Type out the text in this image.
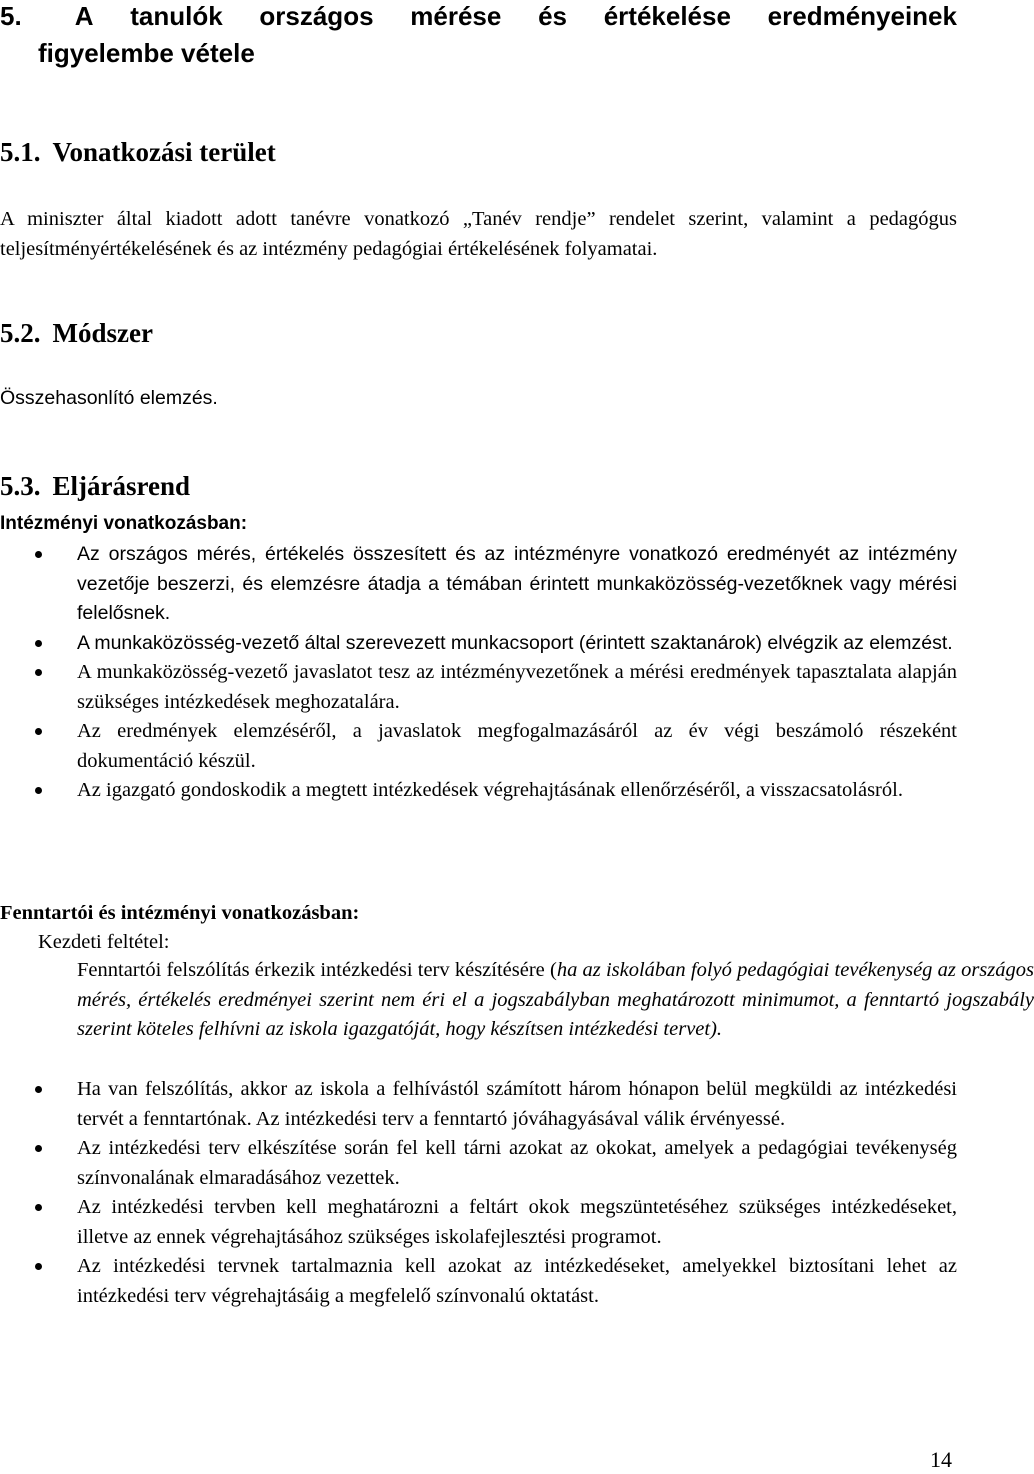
5.	A tanulók országos mérése és értékelése eredményeinek
figyelembe vétele
5.1. Vonatkozási terület
A miniszter által kiadott adott tanévre vonatkozó „Tanév rendje” rendelet szerint, valamint a pedagógus teljesítményértékelésének és az intézmény pedagógiai értékelésének folyamatai.
5.2. Módszer
Összehasonlító elemzés.
5.3. Eljárásrend
Intézményi vonatkozásban:
Az országos mérés, értékelés összesített és az intézményre vonatkozó eredményét az intézmény vezetője beszerzi, és elemzésre átadja a témában érintett munkaközösség-vezetőknek vagy mérési felelősnek.
A munkaközösség-vezető által szerevezett munkacsoport (érintett szaktanárok) elvégzik az elemzést.
A munkaközösség-vezető javaslatot tesz az intézményvezetőnek a mérési eredmények tapasztalata alapján szükséges intézkedések meghozatalára.
Az eredmények elemzéséről, a javaslatok megfogalmazásáról az év végi beszámoló részeként dokumentáció készül.
Az igazgató gondoskodik a megtett intézkedések végrehajtásának ellenőrzéséről, a visszacsatolásról.
Fenntartói és intézményi vonatkozásban:
Kezdeti feltétel:
Fenntartói felszólítás érkezik intézkedési terv készítésére (ha az iskolában folyó pedagógiai tevékenység az országos mérés, értékelés eredményei szerint nem éri el a jogszabályban meghatározott minimumot, a fenntartó jogszabály szerint köteles felhívni az iskola igazgatóját, hogy készítsen intézkedési tervet).
Ha van felszólítás, akkor az iskola a felhívástól számított három hónapon belül megküldi az intézkedési tervét a fenntartónak. Az intézkedési terv a fenntartó jóváhagyásával válik érvényessé.
Az intézkedési terv elkészítése során fel kell tárni azokat az okokat, amelyek a pedagógiai tevékenység színvonalának elmaradásához vezettek.
Az intézkedési tervben kell meghatározni a feltárt okok megszüntetéséhez szükséges intézkedéseket, illetve az ennek végrehajtásához szükséges iskolafejlesztési programot.
Az intézkedési tervnek tartalmaznia kell azokat az intézkedéseket, amelyekkel biztosítani lehet az intézkedési terv végrehajtásáig a megfelelő színvonalú oktatást.
14
